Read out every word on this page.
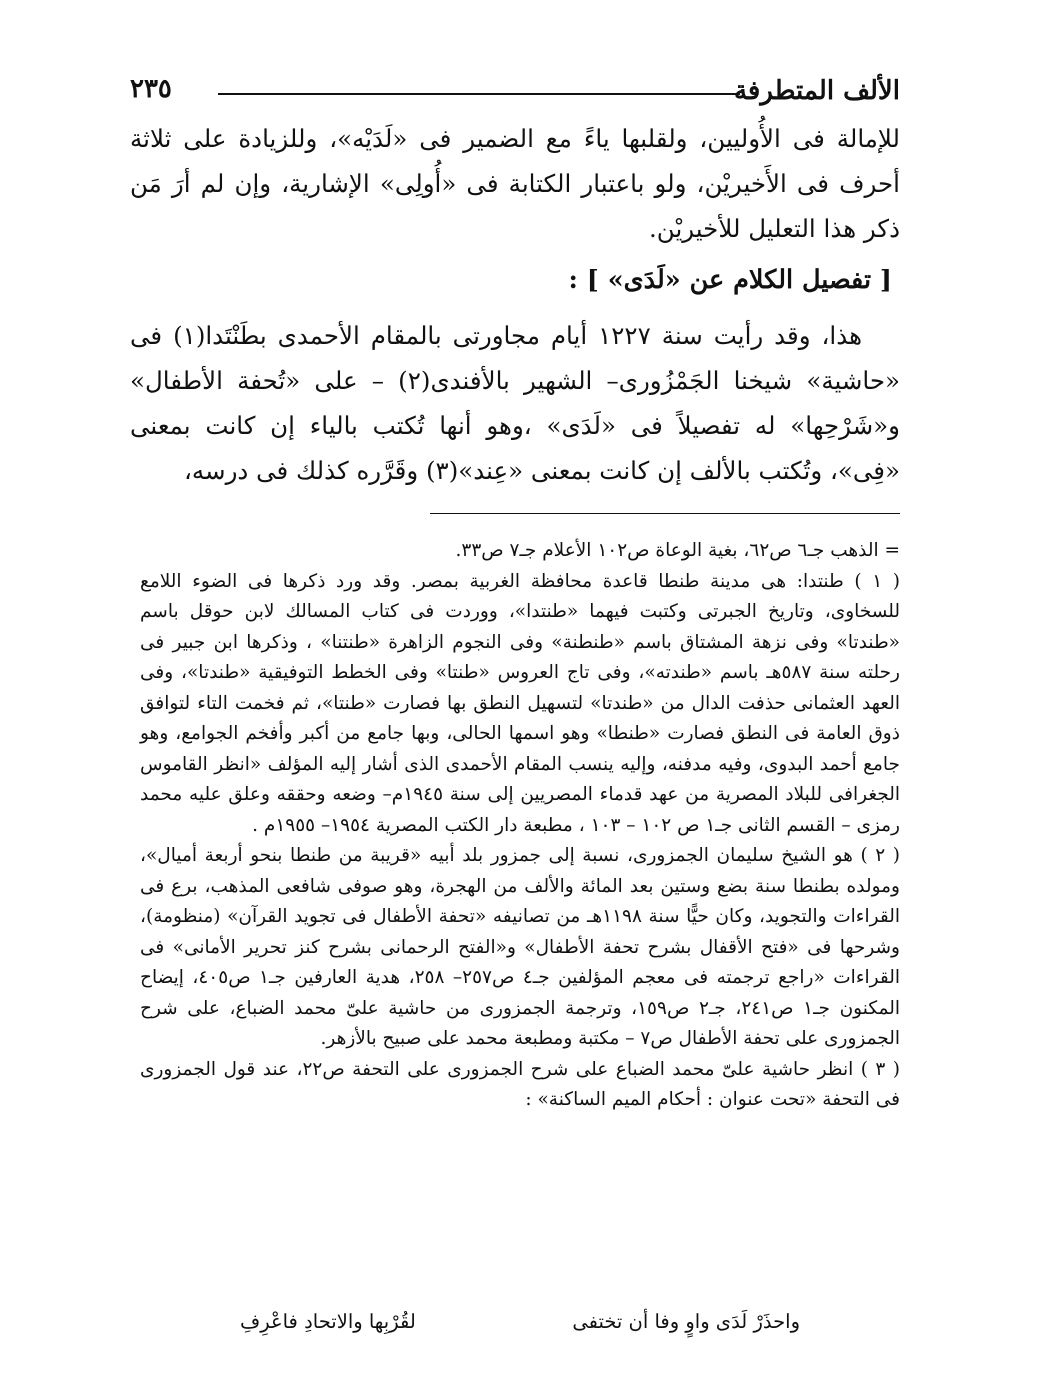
الألف المتطرفة
٢٣٥

للإمالة فى الأُوليين، ولقلبها ياءً مع الضمير فى «لَدَيْه»، وللزيادة على ثلاثة أحرف فى الأَخيريْن، ولو باعتبار الكتابة فى «أُولِى» الإشارية، وإن لم أرَ مَن ذكر هذا التعليل للأخيريْن.

[ تفصيل الكلام عن «لَدَى» ] :

هذا، وقد رأيت سنة ١٢٢٧ أيام مجاورتى بالمقام الأحمدى بطَنْتَدا(١) فى «حاشية» شيخنا الجَمْزُورى– الشهير بالأفندى(٢) – على «تُحفة الأطفال» و«شَرْحِها» له تفصيلاً فى «لَدَى» ،وهو أنها تُكتب بالياء إن كانت بمعنى «فِى»، وتُكتب بالألف إن كانت بمعنى «عِند»(٣) وقَرَّره كذلك فى درسه،

= الذهب جـ٦ ص٦٢، بغية الوعاة ص١٠٢ الأعلام جـ٧ ص٣٣.

( ١ ) طنتدا: هى مدينة طنطا قاعدة محافظة الغربية بمصر. وقد ورد ذكرها فى الضوء اللامع للسخاوى، وتاريخ الجبرتى وكتبت فيهما «طنتدا»، ووردت فى كتاب المسالك لابن حوقل باسم «طندتا» وفى نزهة المشتاق باسم «طنطنة» وفى النجوم الزاهرة «طنتنا» ، وذكرها ابن جبير فى رحلته سنة ٥٨٧هـ باسم «طندته»، وفى تاج العروس «طنتا» وفى الخطط التوفيقية «طندتا»، وفى العهد العثمانى حذفت الدال من «طندتا» لتسهيل النطق بها فصارت «طنتا»، ثم فخمت التاء لتوافق ذوق العامة فى النطق فصارت «طنطا» وهو اسمها الحالى، وبها جامع من أكبر وأفخم الجوامع، وهو جامع أحمد البدوى، وفيه مدفنه، وإليه ينسب المقام الأحمدى الذى أشار إليه المؤلف «انظر القاموس الجغرافى للبلاد المصرية من عهد قدماء المصريين إلى سنة ١٩٤٥م– وضعه وحققه وعلق عليه محمد رمزى – القسم الثانى جـ١ ص ١٠٢ – ١٠٣ ، مطبعة دار الكتب المصرية ١٩٥٤– ١٩٥٥م .

( ٢ ) هو الشيخ سليمان الجمزورى، نسبة إلى جمزور بلد أبيه «قريبة من طنطا بنحو أربعة أميال»، ومولده بطنطا سنة بضع وستين بعد المائة والألف من الهجرة، وهو صوفى شافعى المذهب، برع فى القراءات والتجويد، وكان حيًّا سنة ١١٩٨هـ من تصانيفه «تحفة الأطفال فى تجويد القرآن» (منظومة)، وشرحها فى «فتح الأقفال بشرح تحفة الأطفال» و«الفتح الرحمانى بشرح كنز تحرير الأمانى» فى القراءات «راجع ترجمته فى معجم المؤلفين جـ٤ ص٢٥٧– ٢٥٨، هدية العارفين جـ١ ص٤٠٥، إيضاح المكنون جـ١ ص٢٤١، جـ٢ ص١٥٩، وترجمة الجمزورى من حاشية علىّ محمد الضباع، على شرح الجمزورى على تحفة الأطفال ص٧ – مكتبة ومطبعة محمد على صبيح بالأزهر.

( ٣ ) انظر حاشية علىّ محمد الضباع على شرح الجمزورى على التحفة ص٢٢، عند قول الجمزورى فى التحفة «تحت عنوان : أحكام الميم الساكنة» :

واحذَرْ لَدَى واوٍ وفا أن تختفى
لقُرْبِها والاتحادِ فاعْرِفِ
